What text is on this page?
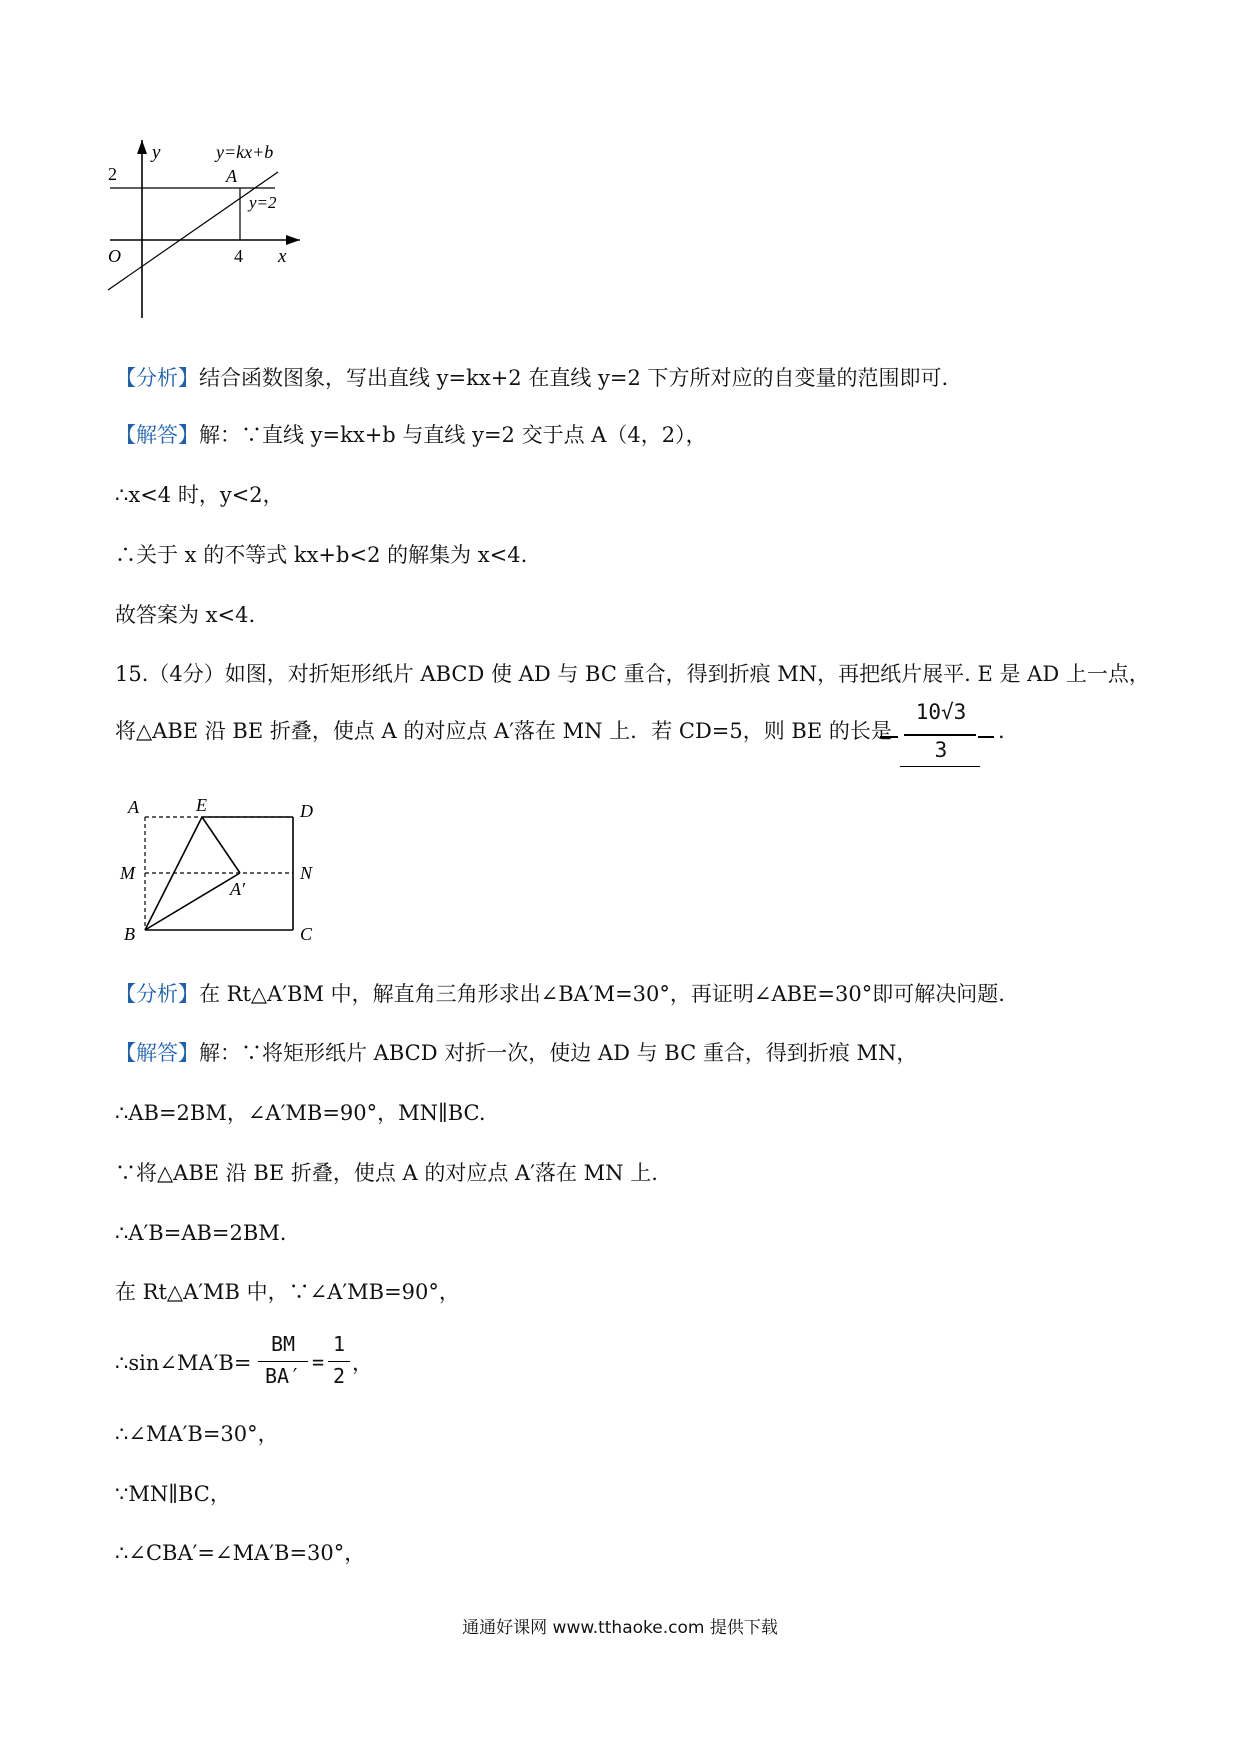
y	y=kx+b
2	A
y=2
O	4 x
【分析】结合函数图象，写出直线 y=kx+2 在直线 y=2 下方所对应的自变量的范围即可.
【解答】解：∵直线 y=kx+b 与直线 y=2 交于点 A（4，2），
∴x<4 时，y<2，
∴关于 x 的不等式 kx+b<2 的解集为 x<4.
故答案为 x<4.
15.（4分）如图，对折矩形纸片 ABCD 使 AD 与 BC 重合，得到折痕 MN，再把纸片展平. E 是 AD 上一点，
将△ABE 沿 BE 折叠，使点 A 的对应点 A′落在 MN 上．若 CD=5，则 BE 的长是
10√3
3
.
A	E	D
M	N
A′
B	C
【分析】在 Rt△A′BM 中，解直角三角形求出∠BA′M=30°，再证明∠ABE=30°即可解决问题.
【解答】解：∵将矩形纸片 ABCD 对折一次，使边 AD 与 BC 重合，得到折痕 MN，
∴AB=2BM，∠A′MB=90°，MN∥BC.
∵将△ABE 沿 BE 折叠，使点 A 的对应点 A′落在 MN 上.
∴A′B=AB=2BM.
在 Rt△A′MB 中，∵∠A′MB=90°，
∴sin∠MA′B=
BM
BA′
=
1
2
，
∴∠MA′B=30°，
∵MN∥BC，
∴∠CBA′=∠MA′B=30°，
通通好课网 www.tthaoke.com 提供下载
